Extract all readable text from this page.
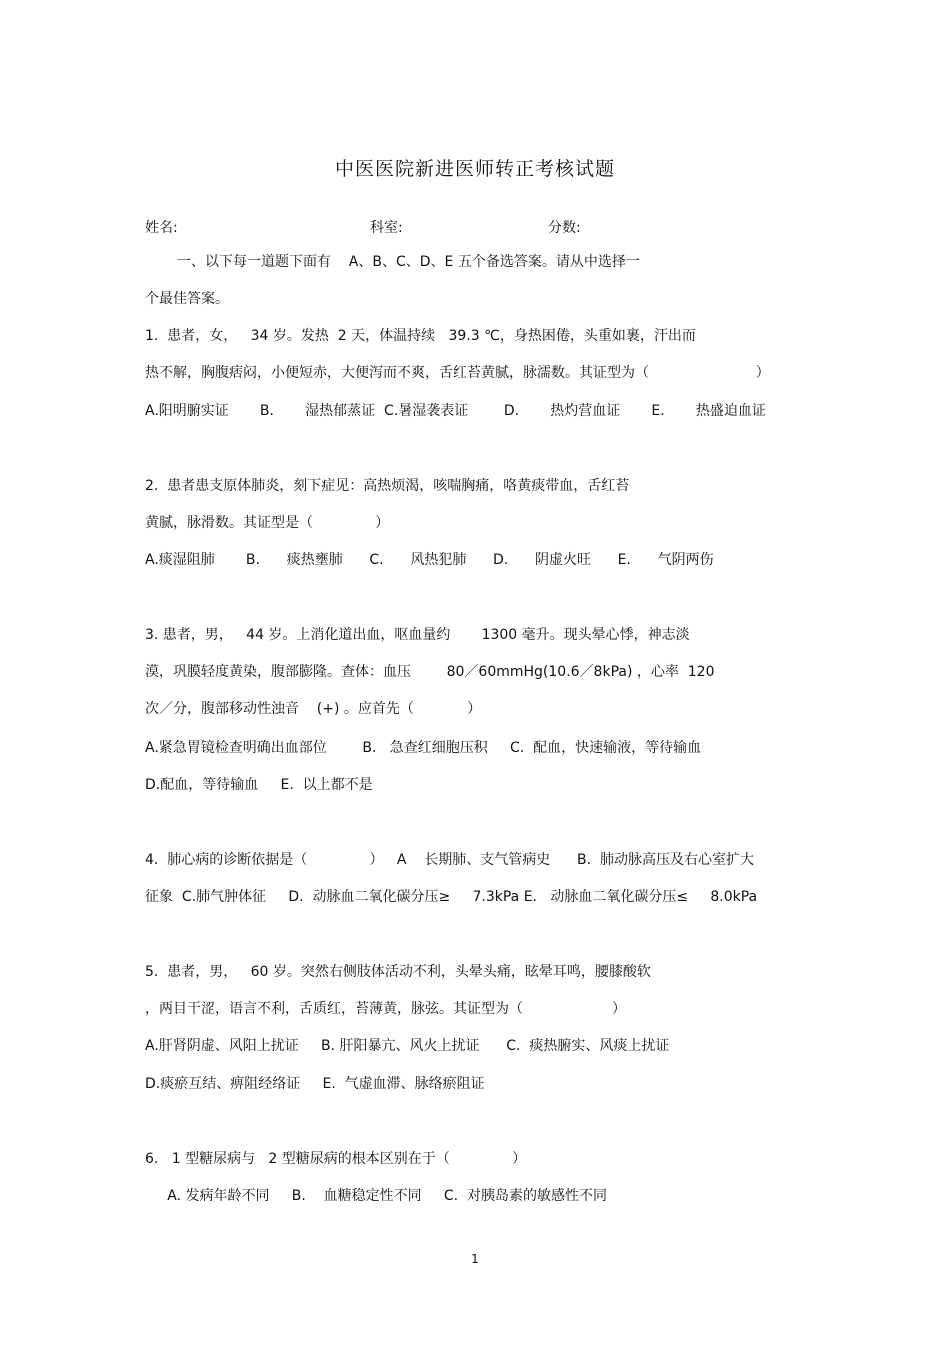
中医医院新进医师转正考核试题
姓名:	科室:	分数:
一、以下每一道题下面有    A、B、C、D、E 五个备选答案。请从中选择一
个最佳答案。
1.  患者，女，   34 岁。发热  2 天，体温持续   39.3 ℃，身热困倦，头重如裹，汗出而
热不解，胸腹痞闷，小便短赤，大便泻而不爽，舌红苔黄腻，脉濡数。其证型为（                        ）
A.阳明腑实证       B.       湿热郁蒸证  C.暑湿袭表证        D.       热灼营血证       E.       热盛迫血证
2.  患者患支原体肺炎，刻下症见：高热烦渴，咳喘胸痛，咯黄痰带血，舌红苔
黄腻，脉滑数。其证型是（              ）
A.痰湿阻肺       B.      痰热壅肺      C.      风热犯肺      D.      阴虚火旺      E.      气阴两伤
3. 患者，男，   44 岁。上消化道出血，呕血量约       1300 毫升。现头晕心悸，神志淡
漠，巩膜轻度黄染，腹部膨隆。查体：血压        80／60mmHg(10.6／8kPa) ，心率  120
次／分，腹部移动性浊音    (+) 。应首先（            ）
A.紧急胃镜检查明确出血部位        B.   急查红细胞压积     C.  配血，快速输液，等待输血
D.配血，等待输血     E.  以上都不是
4.  肺心病的诊断依据是（              ）   A    长期肺、支气管病史      B.  肺动脉高压及右心室扩大
征象  C.肺气肿体征     D.  动脉血二氧化碳分压≥     7.3kPa E.   动脉血二氧化碳分压≤     8.0kPa
5.  患者，男，   60 岁。突然右侧肢体活动不利，头晕头痛，眩晕耳鸣，腰膝酸软
，两目干涩，语言不利，舌质红，苔薄黄，脉弦。其证型为（                    ）
A.肝肾阴虚、风阳上扰证     B. 肝阳暴亢、风火上扰证      C.  痰热腑实、风痰上扰证
D.痰瘀互结、痹阻经络证     E.  气虚血滞、脉络瘀阻证
6.   1 型糖尿病与   2 型糖尿病的根本区别在于（              ）
A. 发病年龄不同     B.    血糖稳定性不同     C.  对胰岛素的敏感性不同
1
